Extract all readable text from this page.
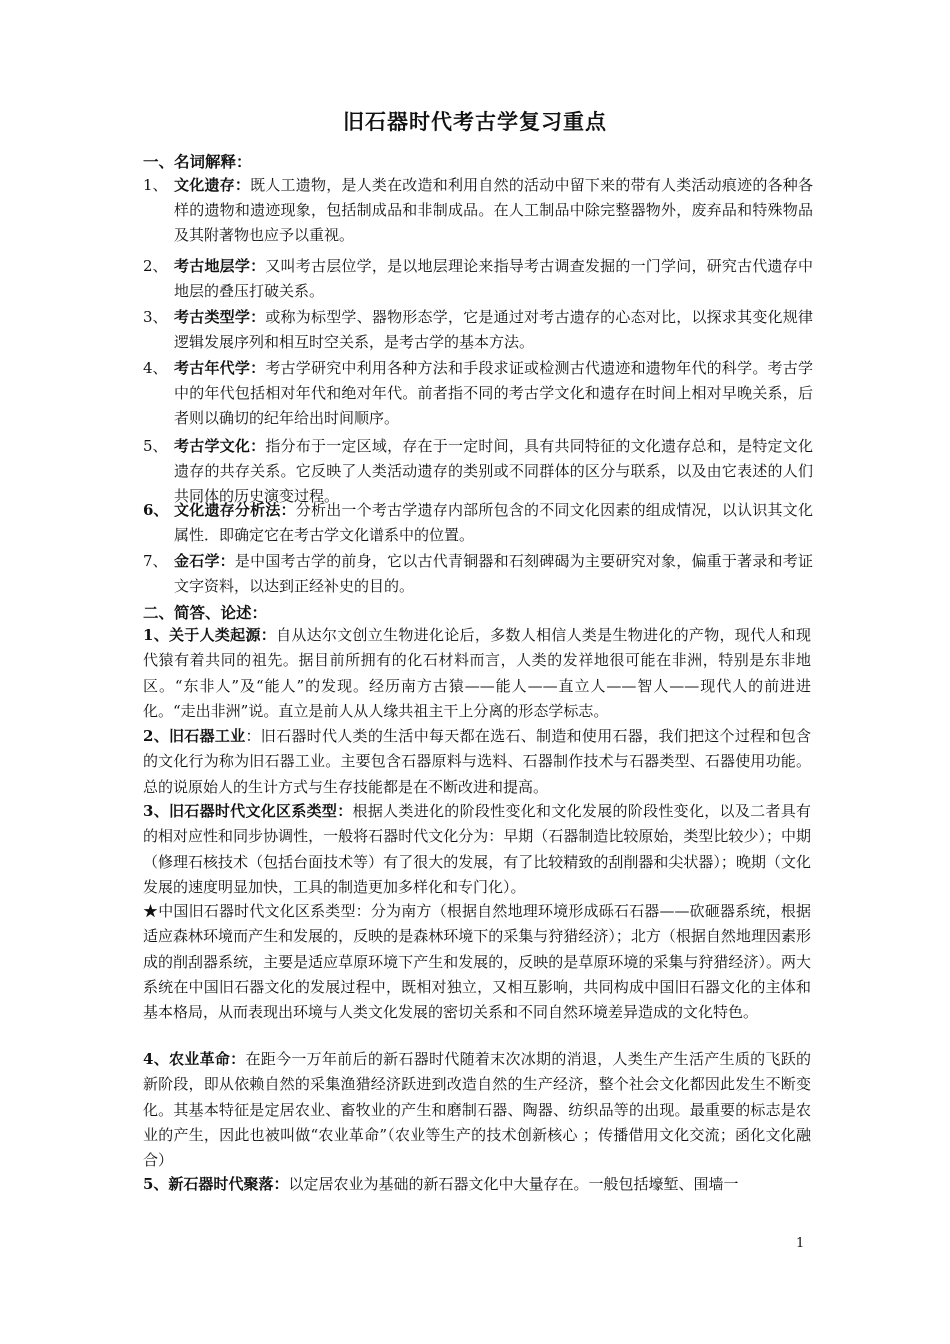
旧石器时代考古学复习重点
一、名词解释：
1、 文化遗存：既人工遗物，是人类在改造和利用自然的活动中留下来的带有人类活动痕迹的各种各样的遗物和遗迹现象，包括制成品和非制成品。在人工制品中除完整器物外，废弃品和特殊物品及其附著物也应予以重视。
2、 考古地层学：又叫考古层位学，是以地层理论来指导考古调查发掘的一门学问，研究古代遗存中地层的叠压打破关系。
3、 考古类型学：或称为标型学、器物形态学，它是通过对考古遗存的心态对比，以探求其变化规律逻辑发展序列和相互时空关系，是考古学的基本方法。
4、 考古年代学：考古学研究中利用各种方法和手段求证或检测古代遗迹和遗物年代的科学。考古学中的年代包括相对年代和绝对年代。前者指不同的考古学文化和遗存在时间上相对早晚关系，后者则以确切的纪年给出时间顺序。
5、 考古学文化：指分布于一定区域，存在于一定时间，具有共同特征的文化遗存总和，是特定文化遗存的共存关系。它反映了人类活动遗存的类别或不同群体的区分与联系，以及由它表述的人们共同体的历史演变过程。
6、 文化遗存分析法：分析出一个考古学遗存内部所包含的不同文化因素的组成情况，以认识其文化属性．即确定它在考古学文化谱系中的位置。
7、 金石学：是中国考古学的前身，它以古代青铜器和石刻碑碣为主要研究对象，偏重于著录和考证文字资料，以达到正经补史的目的。
二、简答、论述：
1、关于人类起源：自从达尔文创立生物进化论后，多数人相信人类是生物进化的产物，现代人和现代猿有着共同的祖先。据目前所拥有的化石材料而言，人类的发祥地很可能在非洲，特别是东非地区。“东非人”及“能人”的发现。经历南方古猿——能人——直立人——智人——现代人的前进进化。“走出非洲”说。直立是前人从人缘共祖主干上分离的形态学标志。
2、旧石器工业：旧石器时代人类的生活中每天都在选石、制造和使用石器，我们把这个过程和包含的文化行为称为旧石器工业。主要包含石器原料与选料、石器制作技术与石器类型、石器使用功能。总的说原始人的生计方式与生存技能都是在不断改进和提高。
3、旧石器时代文化区系类型：根据人类进化的阶段性变化和文化发展的阶段性变化，以及二者具有的相对应性和同步协调性，一般将石器时代文化分为：早期（石器制造比较原始，类型比较少）；中期（修理石核技术（包括台面技术等）有了很大的发展，有了比较精致的刮削器和尖状器）；晚期（文化发展的速度明显加快，工具的制造更加多样化和专门化）。
★中国旧石器时代文化区系类型：分为南方（根据自然地理环境形成砾石石器——砍砸器系统，根据适应森林环境而产生和发展的，反映的是森林环境下的采集与狩猎经济）；北方（根据自然地理因素形成的削刮器系统，主要是适应草原环境下产生和发展的，反映的是草原环境的采集与狩猎经济）。两大系统在中国旧石器文化的发展过程中，既相对独立，又相互影响，共同构成中国旧石器文化的主体和基本格局，从而表现出环境与人类文化发展的密切关系和不同自然环境差异造成的文化特色。
4、农业革命：在距今一万年前后的新石器时代随着末次冰期的消退，人类生产生活产生质的飞跃的新阶段，即从依赖自然的采集渔猎经济跃进到改造自然的生产经济，整个社会文化都因此发生不断变化。其基本特征是定居农业、畜牧业的产生和磨制石器、陶器、纺织品等的出现。最重要的标志是农业的产生，因此也被叫做“农业革命”（农业等生产的技术创新核心 ；传播借用文化交流；函化文化融合）
5、新石器时代聚落：以定居农业为基础的新石器文化中大量存在。一般包括壕堑、围墙一
1
